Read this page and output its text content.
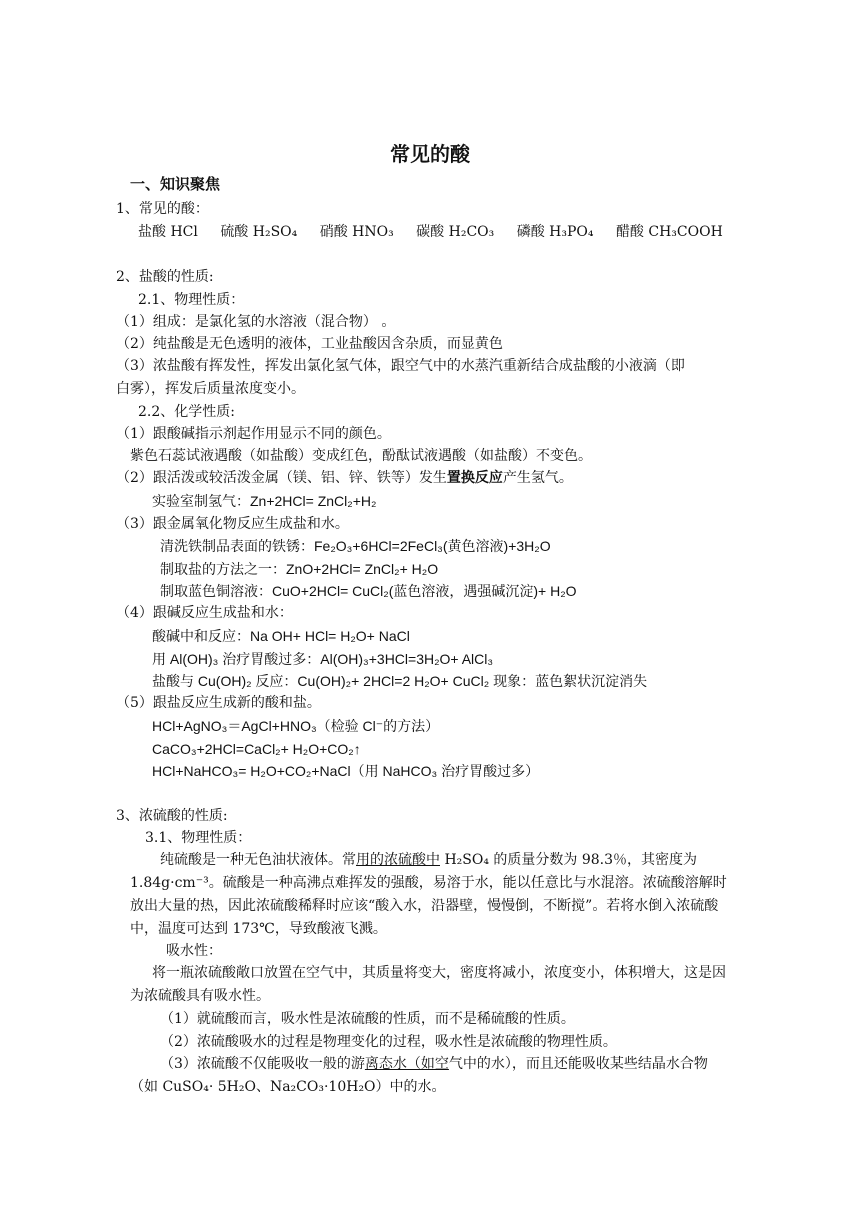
常见的酸
一、知识聚焦
1、常见的酸：
盐酸 HCl 硫酸 H₂SO₄ 硝酸 HNO₃ 碳酸 H₂CO₃ 磷酸 H₃PO₄ 醋酸 CH₃COOH
2、盐酸的性质:
2.1、物理性质：
（1）组成：是氯化氢的水溶液（混合物） 。
（2）纯盐酸是无色透明的液体，工业盐酸因含杂质，而显黄色
（3）浓盐酸有挥发性，挥发出氯化氢气体，跟空气中的水蒸汽重新结合成盐酸的小液滴（即
白雾），挥发后质量浓度变小。
2.2、化学性质:
（1）跟酸碱指示剂起作用显示不同的颜色。
紫色石蕊试液遇酸（如盐酸）变成红色，酚酞试液遇酸（如盐酸）不变色。
（2）跟活泼或较活泼金属（镁、铝、锌、铁等）发生置换反应产生氢气。
实验室制氢气：Zn+2HCl= ZnCl₂+H₂
（3）跟金属氧化物反应生成盐和水。
清洗铁制品表面的铁锈：Fe₂O₃+6HCl=2FeCl₃(黄色溶液)+3H₂O
制取盐的方法之一：ZnO+2HCl= ZnCl₂+ H₂O
制取蓝色铜溶液：CuO+2HCl= CuCl₂(蓝色溶液，遇强碱沉淀)+ H₂O
（4）跟碱反应生成盐和水：
酸碱中和反应：Na OH+ HCl= H₂O+ NaCl
用 Al(OH)₃ 治疗胃酸过多：Al(OH)₃+3HCl=3H₂O+ AlCl₃
盐酸与 Cu(OH)₂ 反应：Cu(OH)₂+ 2HCl=2 H₂O+ CuCl₂ 现象：蓝色絮状沉淀消失
（5）跟盐反应生成新的酸和盐。
HCl+AgNO₃＝AgCl+HNO₃（检验 Cl⁻的方法）
CaCO₃+2HCl=CaCl₂+ H₂O+CO₂↑
HCl+NaHCO₃= H₂O+CO₂+NaCl（用 NaHCO₃ 治疗胃酸过多）
3、浓硫酸的性质:
3.1、物理性质：
纯硫酸是一种无色油状液体。常用的浓硫酸中 H₂SO₄ 的质量分数为 98.3％，其密度为 1.84g·cm⁻³。硫酸是一种高沸点难挥发的强酸，易溶于水，能以任意比与水混溶。浓硫酸溶解时放出大量的热，因此浓硫酸稀释时应该“酸入水，沿器壁，慢慢倒，不断搅”。若将水倒入浓硫酸中，温度可达到 173℃，导致酸液飞溅。
吸水性：
将一瓶浓硫酸敞口放置在空气中，其质量将变大，密度将减小，浓度变小，体积增大，这是因为浓硫酸具有吸水性。
（1）就硫酸而言，吸水性是浓硫酸的性质，而不是稀硫酸的性质。
（2）浓硫酸吸水的过程是物理变化的过程，吸水性是浓硫酸的物理性质。
（3）浓硫酸不仅能吸收一般的游离态水（如空气中的水），而且还能吸收某些结晶水合物（如 CuSO₄· 5H₂O、Na₂CO₃·10H₂O）中的水。
